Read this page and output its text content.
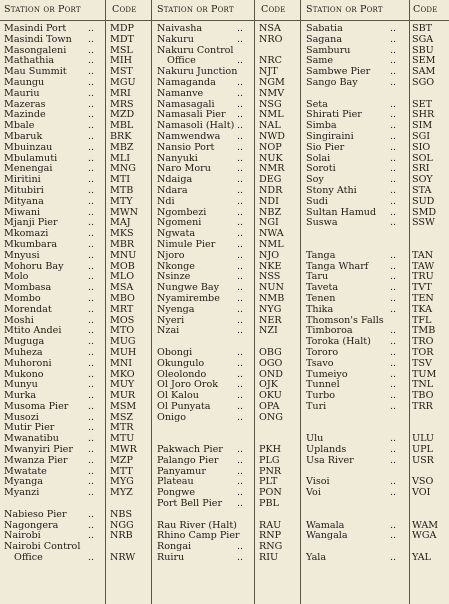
Station or Port	Code Station or Port	Code Station or Port	Code
Masindi Port .. MDP
Masindi Town .. MDT
Masongaleni .. MSL
Mathathia	.. MIH
Mau Summit .. MST
Maungu	.. MGU
Mauriu	.. MRI
Mazeras	.. MRS
Mazinde	.. MZD
Mbale	.. MBL
Mbaruk	.. BRK
Mbuinzau	.. MBZ
Mbulamuti	.. MLI
Menengai	.. MNG
Miritini	.. MTI
Mitubiri	.. MTB
Mityana	.. MTY
Miwani	.. MWN
Mjanji Pier	.. MAJ
Mkomazi	.. MKS
Mkumbara	.. MBR
Mnyusi	.. MNU
Mohoru Bay	.. MOB
Molo	.. MLO
Mombasa	.. MSA
Mombo	.. MBO
Morendat	.. MRT
Moshi	.. MOS
Mtito Andei	.. MTO
Muguga	.. MUG
Muheza	.. MUH
Muhoroni	.. MNI
Mukono	.. MKO
Munyu	.. MUY
Murka	.. MUR
Musoma Pier .. MSM
Musozi	.. MSZ
Mutir Pier	.. MTR
Mwanatibu	.. MTU
Mwanyiri Pier .. MWR
Mwanza Pier .. MZP
Mwatate	.. MTT
Myanga	.. MYG
Myanzi	.. MYZ
Nabieso Pier .. NBS
Nagongera	.. NGG
Nairobi	.. NRB
Nairobi Control
Office	.. NRW
Naivasha	.. NSA
Nakuru	.. NRO
Nakuru Control
Office	.. NRC
Nakuru Junction NJT
Namaganda .. NGM
Namanve	.. NMV
Namasagali .. NSG
Namasali Pier .. NML
Namasoli (Halt) .. NAL
Namwendwa .. NWD
Nansio Port .. NOP
Nanyuki	.. NUK
Naro Moru	.. NMR
Ndaiga	.. DEG
Ndara	.. NDR
Ndi	.. NDI
Ngombezi	.. NBZ
Ngomeni	.. NGI
Ngwata	.. NWA
Nimule Pier .. NML
Njoro	.. NJO
Nkonge	.. NKE
Nsinze	.. NSS
Nungwe Bay .. NUN
Nyamirembe .. NMB
Nyenga	.. NYG
Nyeri	.. NER
Nzai	.. NZI
Obongi	.. OBG
Okungulo	.. OGO
Oleolondo	.. OND
Ol Joro Orok .. OJK
Ol Kalou	.. OKU
Ol Punyata	.. OPA
Onigo	.. ONG
Pakwach Pier .. PKH
Palango Pier .. PLG
Panyamur	.. PNR
Plateau	.. PLT
Pongwe	.. PON
Port Bell Pier .. PBL
Rau River (Halt) RAU
Rhino Camp Pier RNP
Rongai	.. RNG
Ruiru	.. RIU
Sabatia	.. SBT
Sagana	.. SGA
Samburu	.. SBU
Same	.. SEM
Sambwe Pier .. SAM
Sango Bay	.. SGO
Seta	.. SET
Shirati Pier	.. SHR
Simba	.. SIM
Singiraini	.. SGI
Sio Pier	.. SIO
Solai	.. SOL
Soroti	.. SRI
Soy	.. SOY
Stony Athi	.. STA
Sudi	.. SUD
Sultan Hamud .. SMD
Suswa	.. SSW
Tanga	.. TAN
Tanga Wharf .. TAW
Taru	.. TRU
Taveta	.. TVT
Tenen	.. TEN
Thika	.. TKA
Thomson's Falls	TFL
Timboroa	.. TMB
Toroka (Halt) .. TRO
Tororo	.. TOR
Tsavo	.. TSV
Tumeiyo	.. TUM
Tunnel	.. TNL
Turbo	.. TBO
Turi	.. TRR
Ulu	.. ULU
Uplands	.. UPL
Usa River	.. USR
Visoi	.. VSO
Voi	.. VOI
Wamala	.. WAM
Wangala	.. WGA
Yala	.. YAL
